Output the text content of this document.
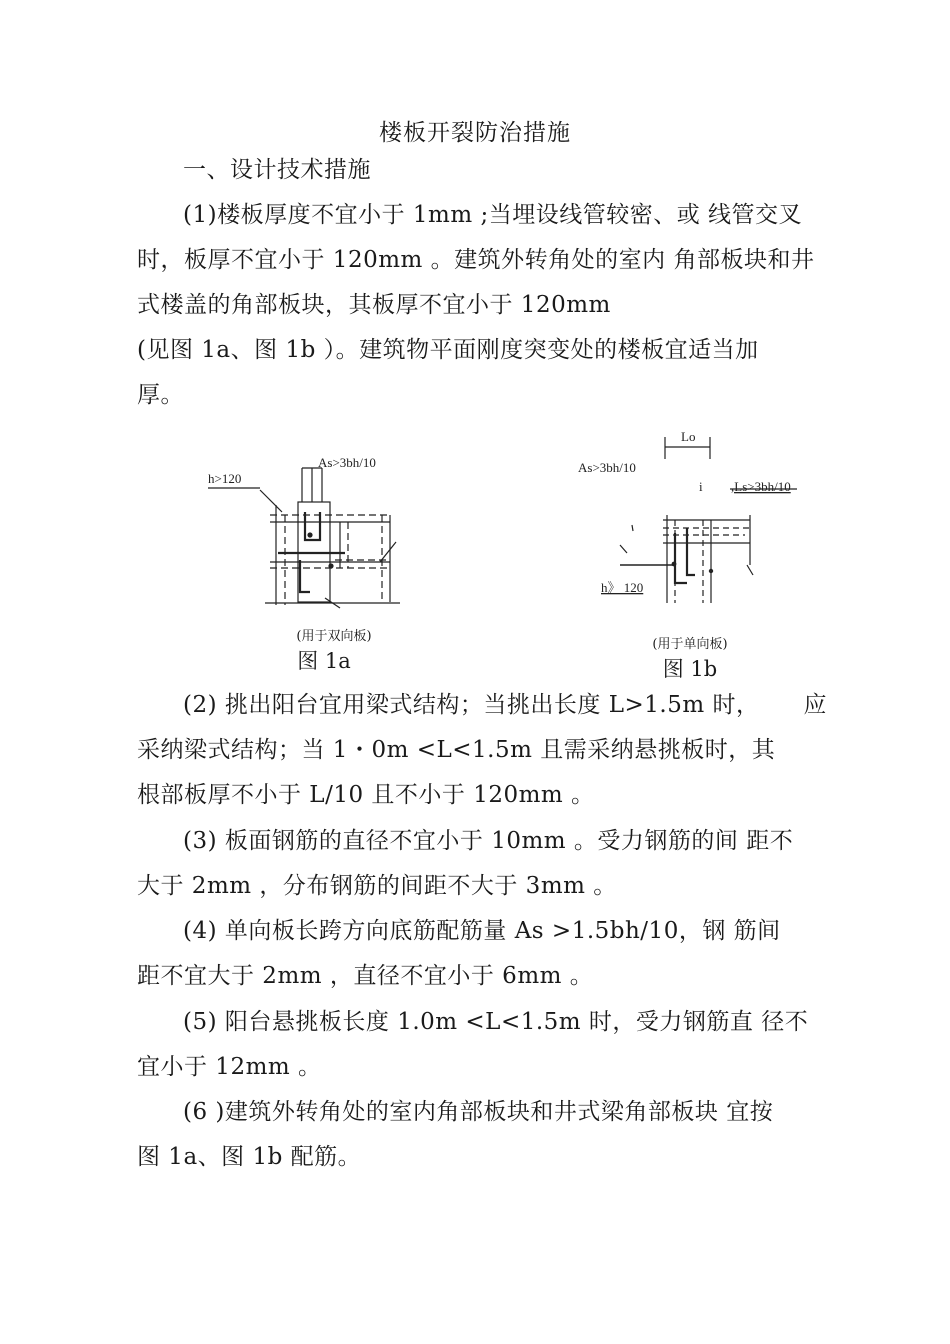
楼板开裂防治措施

一、设计技术措施

(1)楼板厚度不宜小于 1mm ;当埋设线管较密、或 线管交叉
时，板厚不宜小于 120mm 。建筑外转角处的室内 角部板块和井
式楼盖的角部板块，其板厚不宜小于 120mm
(见图 1a、图 1b ）。建筑物平面刚度突变处的楼板宜适当加
厚。
h>120
As>3bh/10
(用于双向板)
图 1a
Lo
As>3bh/10
i ,Ls>3bh/10
h》 120
(用于单向板)
图 1b
(2) 挑出阳台宜用梁式结构；当挑出长度 L>1.5m 时， 应
采纳梁式结构；当 1・0m <L<1.5m 且需采纳悬挑板时，其
根部板厚不小于 L/10 且不小于 120mm 。
(3) 板面钢筋的直径不宜小于 10mm 。受力钢筋的间 距不
大于 2mm ，分布钢筋的间距不大于 3mm 。
(4) 单向板长跨方向底筋配筋量 As >1.5bh/10，钢 筋间
距不宜大于 2mm ，直径不宜小于 6mm 。
(5) 阳台悬挑板长度 1.0m <L<1.5m 时，受力钢筋直 径不
宜小于 12mm 。
(6 )建筑外转角处的室内角部板块和井式梁角部板块 宜按
图 1a、图 1b 配筋。
